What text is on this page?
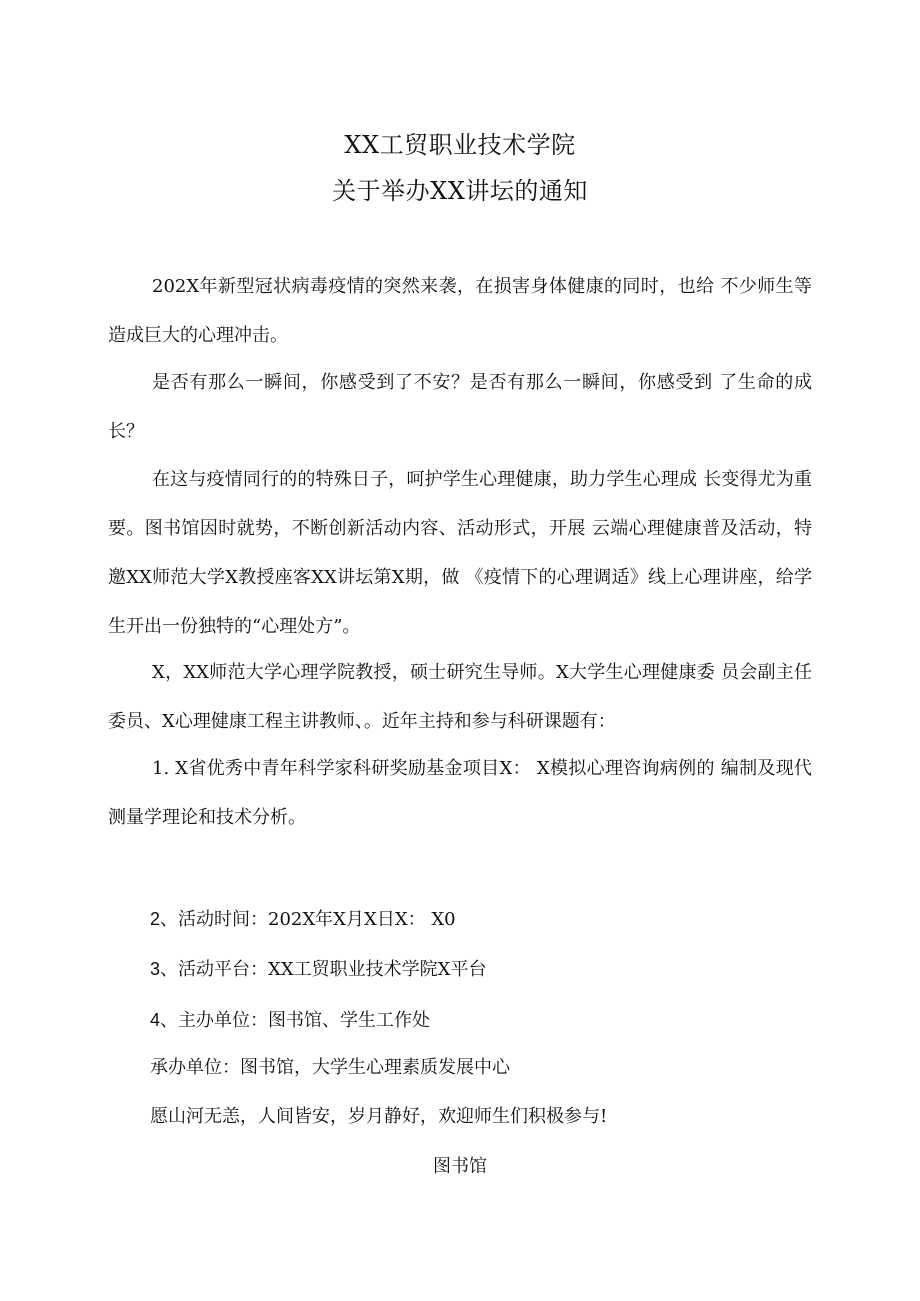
XX工贸职业技术学院
关于举办XX讲坛的通知

202X年新型冠状病毒疫情的突然来袭，在损害身体健康的同时，也给 不少师生等造成巨大的心理冲击。

是否有那么一瞬间，你感受到了不安？是否有那么一瞬间，你感受到 了生命的成长？

在这与疫情同行的的特殊日子，呵护学生心理健康，助力学生心理成 长变得尤为重要。图书馆因时就势，不断创新活动内容、活动形式，开展 云端心理健康普及活动，特邀XX师范大学X教授座客XX讲坛第X期，做 《疫情下的心理调适》线上心理讲座，给学生开出一份独特的“心理处方”。

X，XX师范大学心理学院教授，硕士研究生导师。X大学生心理健康委 员会副主任委员、X心理健康工程主讲教师、。近年主持和参与科研课题有：

1. X省优秀中青年科学家科研奖励基金项目X： X模拟心理咨询病例的 编制及现代测量学理论和技术分析。

2、活动时间：202X年X月X日X： X0
3、活动平台：XX工贸职业技术学院X平台
4、主办单位：图书馆、学生工作处
承办单位：图书馆，大学生心理素质发展中心
愿山河无恙，人间皆安，岁月静好，欢迎师生们积极参与!
图书馆
